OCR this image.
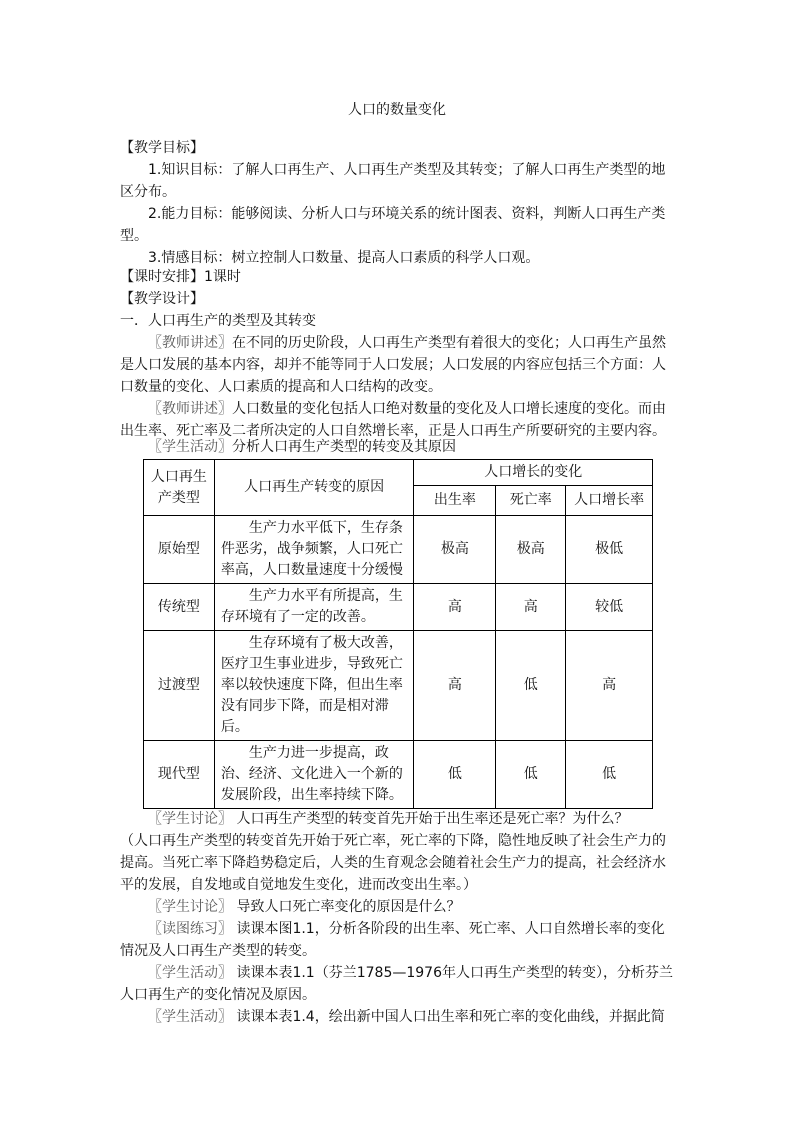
人口的数量变化
【教学目标】
1.知识目标：了解人口再生产、人口再生产类型及其转变；了解人口再生产类型的地
区分布。
2.能力目标：能够阅读、分析人口与环境关系的统计图表、资料，判断人口再生产类
型。
3.情感目标：树立控制人口数量、提高人口素质的科学人口观。
【课时安排】1课时
【教学设计】
一．人口再生产的类型及其转变
〖教师讲述〗在不同的历史阶段，人口再生产类型有着很大的变化；人口再生产虽然
是人口发展的基本内容，却并不能等同于人口发展；人口发展的内容应包括三个方面：人
口数量的变化、人口素质的提高和人口结构的改变。
〖教师讲述〗人口数量的变化包括人口绝对数量的变化及人口增长速度的变化。而由
出生率、死亡率及二者所决定的人口自然增长率，正是人口再生产所要研究的主要内容。
〖学生活动〗分析人口再生产类型的转变及其原因
人口再生产类型	人口再生产转变的原因	人口增长的变化		
		出生率	死亡率	人口增长率
原始型	生产力水平低下，生存条

件恶劣，战争频繁，人口死亡

率高，人口数量速度十分缓慢	极高	极高	极低
传统型	生产力水平有所提高，生

存环境有了一定的改善。	高	高	较低
过渡型	生存环境有了极大改善，

医疗卫生事业进步，导致死亡

率以较快速度下降，但出生率

没有同步下降，而是相对滞

后。	高	低	高
现代型	生产力进一步提高，政

治、经济、文化进入一个新的

发展阶段，出生率持续下降。	低	低	低
〖学生讨论〗 人口再生产类型的转变首先开始于出生率还是死亡率？为什么？
（人口再生产类型的转变首先开始于死亡率，死亡率的下降，隐性地反映了社会生产力的
提高。当死亡率下降趋势稳定后，人类的生育观念会随着社会生产力的提高，社会经济水
平的发展，自发地或自觉地发生变化，进而改变出生率。）
〖学生讨论〗 导致人口死亡率变化的原因是什么？
〖读图练习〗 读课本图1.1，分析各阶段的出生率、死亡率、人口自然增长率的变化
情况及人口再生产类型的转变。
〖学生活动〗 读课本表1.1（芬兰1785—1976年人口再生产类型的转变），分析芬兰
人口再生产的变化情况及原因。
〖学生活动〗 读课本表1.4，绘出新中国人口出生率和死亡率的变化曲线，并据此简
